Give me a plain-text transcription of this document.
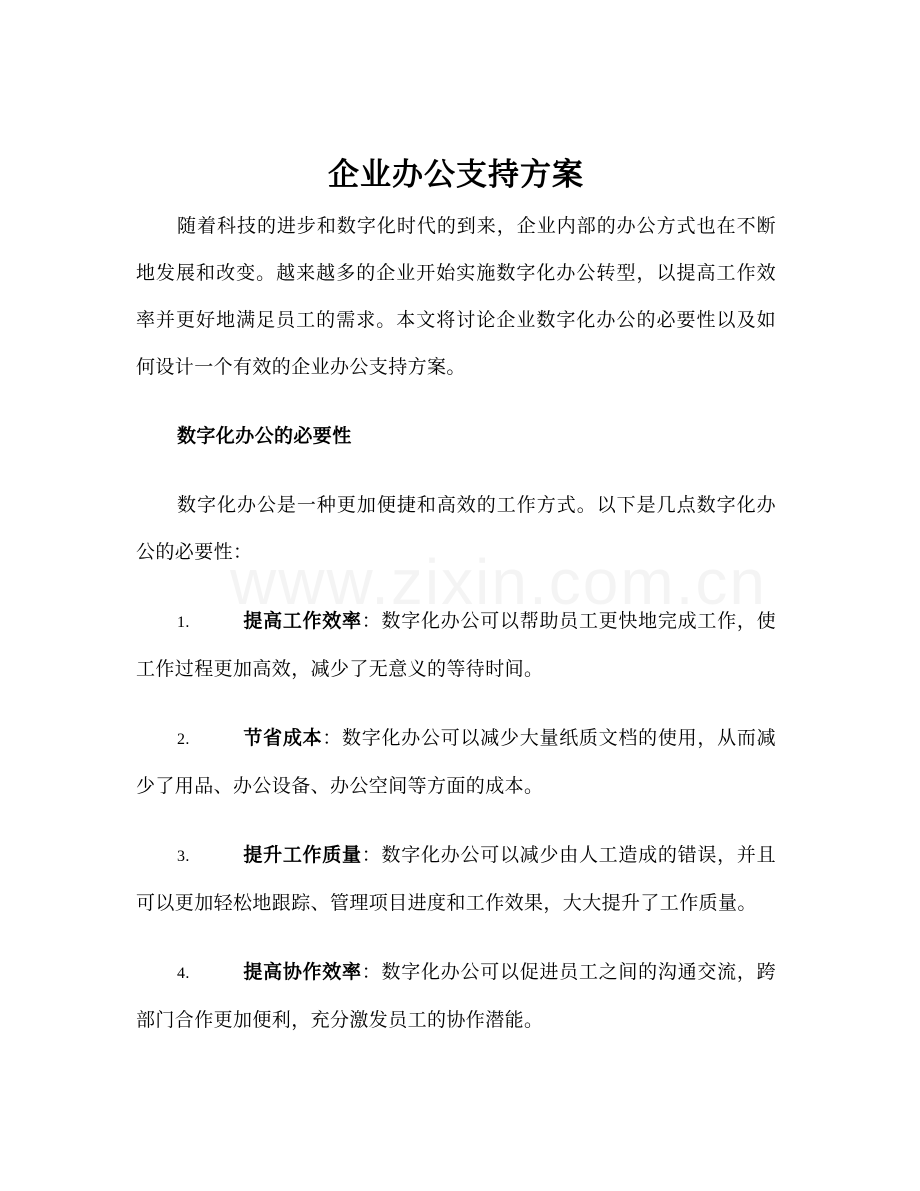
企业办公支持方案

随着科技的进步和数字化时代的到来，企业内部的办公方式也在不断地发展和改变。越来越多的企业开始实施数字化办公转型，以提高工作效率并更好地满足员工的需求。本文将讨论企业数字化办公的必要性以及如何设计一个有效的企业办公支持方案。

数字化办公的必要性

数字化办公是一种更加便捷和高效的工作方式。以下是几点数字化办公的必要性：

1.	提高工作效率：数字化办公可以帮助员工更快地完成工作，使工作过程更加高效，减少了无意义的等待时间。

2.	节省成本：数字化办公可以减少大量纸质文档的使用，从而减少了用品、办公设备、办公空间等方面的成本。

3.	提升工作质量：数字化办公可以减少由人工造成的错误，并且可以更加轻松地跟踪、管理项目进度和工作效果，大大提升了工作质量。

4.	提高协作效率：数字化办公可以促进员工之间的沟通交流，跨部门合作更加便利，充分激发员工的协作潜能。
